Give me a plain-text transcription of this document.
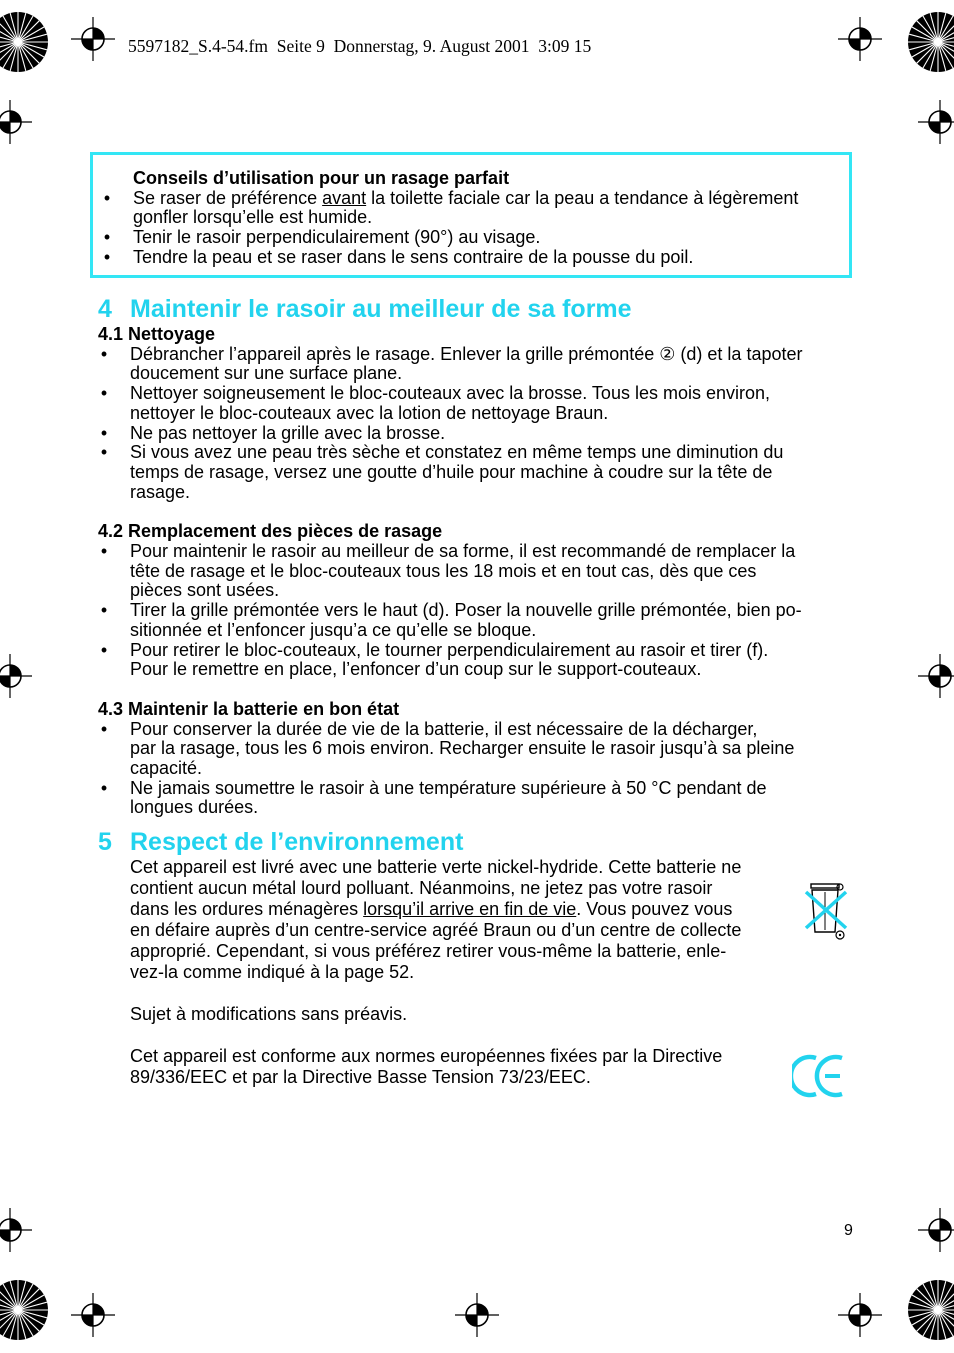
5597182_S.4-54.fm  Seite 9  Donnerstag, 9. August 2001  3:09 15
Conseils d’utilisation pour un rasage parfait
• Se raser de préférence avant la toilette faciale car la peau a tendance à légèrement
gonfler lorsqu’elle est humide.
• Tenir le rasoir perpendiculairement (90°) au visage.
• Tendre la peau et se raser dans le sens contraire de la pousse du poil.
4 Maintenir le rasoir au meilleur de sa forme
4.1 Nettoyage
• Débrancher l’appareil après le rasage. Enlever la grille prémontée ② (d) et la tapoter
doucement sur une surface plane.
• Nettoyer soigneusement le bloc-couteaux avec la brosse. Tous les mois environ,
nettoyer le bloc-couteaux avec la lotion de nettoyage Braun.
• Ne pas nettoyer la grille avec la brosse.
• Si vous avez une peau très sèche et constatez en même temps une diminution du
temps de rasage, versez une goutte d’huile pour machine à coudre sur la tête de
rasage.
4.2 Remplacement des pièces de rasage
• Pour maintenir le rasoir au meilleur de sa forme, il est recommandé de remplacer la
tête de rasage et le bloc-couteaux tous les 18 mois et en tout cas, dès que ces
pièces sont usées.
• Tirer la grille prémontée vers le haut (d). Poser la nouvelle grille prémontée, bien po-
sitionnée et l’enfoncer jusqu’a ce qu’elle se bloque.
• Pour retirer le bloc-couteaux, le tourner perpendiculairement au rasoir et tirer (f).
Pour le remettre en place, l’enfoncer d’un coup sur le support-couteaux.
4.3 Maintenir la batterie en bon état
• Pour conserver la durée de vie de la batterie, il est nécessaire de la décharger,
par la rasage, tous les 6 mois environ. Recharger ensuite le rasoir jusqu’à sa pleine
capacité.
• Ne jamais soumettre le rasoir à une température supérieure à 50 °C pendant de
longues durées.
5 Respect de l’environnement
Cet appareil est livré avec une batterie verte nickel-hydride. Cette batterie ne
contient aucun métal lourd polluant. Néanmoins, ne jetez pas votre rasoir
dans les ordures ménagères lorsqu’il arrive en fin de vie. Vous pouvez vous
en défaire auprès d’un centre-service agréé Braun ou d’un centre de collecte
approprié. Cependant, si vous préférez retirer vous-même la batterie, enle-
vez-la comme indiqué à la page 52.
Sujet à modifications sans préavis.
Cet appareil est conforme aux normes européennes fixées par la Directive
89/336/EEC et par la Directive Basse Tension 73/23/EEC.
9
